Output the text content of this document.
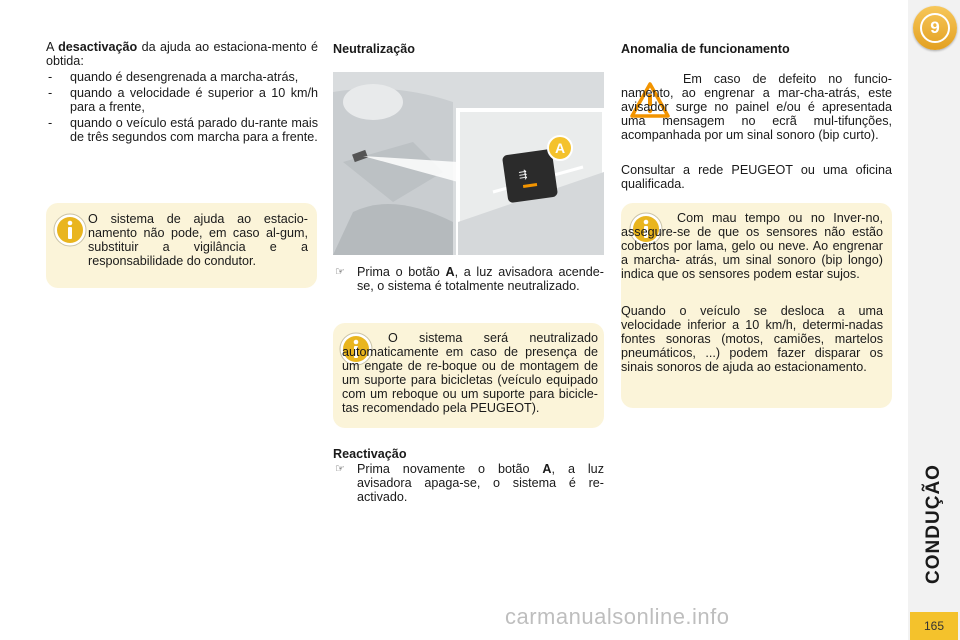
A desactivação da ajuda ao estaciona-mento é obtida:

- quando é desengrenada a marcha-atrás,
- quando a velocidade é superior a 10 km/h para a frente,
- quando o veículo está parado du-rante mais de três segundos com marcha para a frente.

O sistema de ajuda ao estacio-namento não pode, em caso al-gum, substituir a vigilância e a responsabilidade do condutor.

Neutralização
⇶
A
☞ Prima o botão A, a luz avisadora acende-se, o sistema é totalmente neutralizado.

O sistema será neutralizado automaticamente em caso de presença de um engate de re-boque ou de montagem de um suporte para bicicletas (veículo equipado com um reboque ou um suporte para bicicle-tas recomendado pela PEUGEOT).

Reactivação
☞ Prima novamente o botão A, a luz avisadora apaga-se, o sistema é re-activado.
Anomalia de funcionamento

Em caso de defeito no funcio-namento, ao engrenar a mar-cha-atrás, este avisador surge no painel e/ou é apresentada uma mensagem no ecrã mul-tifunções, acompanhada por um sinal sonoro (bip curto).

Consultar a rede PEUGEOT ou uma oficina qualificada.

Com mau tempo ou no Inver-no, assegure-se de que os sensores não estão cobertos por lama, gelo ou neve. Ao engrenar a marcha- atrás, um sinal sonoro (bip longo) indica que os sensores podem estar sujos.

Quando o veículo se desloca a uma velocidade inferior a 10 km/h, determi-nadas fontes sonoras (motos, camiões, martelos pneumáticos, ...) podem fazer disparar os sinais sonoros de ajuda ao estacionamento.

9
CONDUÇÃO
165
carmanualsonline.info
